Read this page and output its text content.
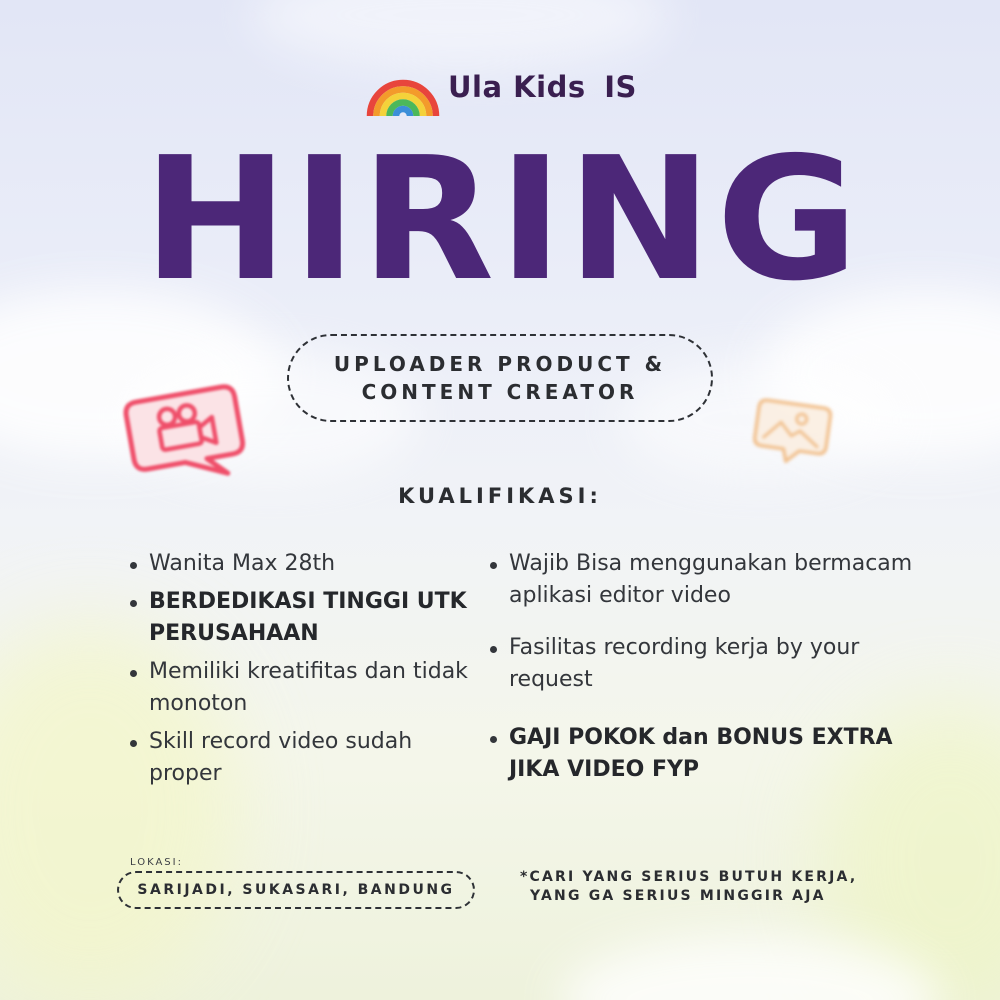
Ula Kids IS
HIRING
UPLOADER PRODUCT &
CONTENT CREATOR
KUALIFIKASI:
Wanita Max 28th
BERDEDIKASI TINGGI UTK PERUSAHAAN
Memiliki kreatifitas dan tidak monoton
Skill record video sudah proper
Wajib Bisa menggunakan bermacam aplikasi editor video
Fasilitas recording kerja by your request
GAJI POKOK dan BONUS EXTRA JIKA VIDEO FYP
LOKASI:
SARIJADI, SUKASARI, BANDUNG
*CARI YANG SERIUS BUTUH KERJA,
YANG GA SERIUS MINGGIR AJA
